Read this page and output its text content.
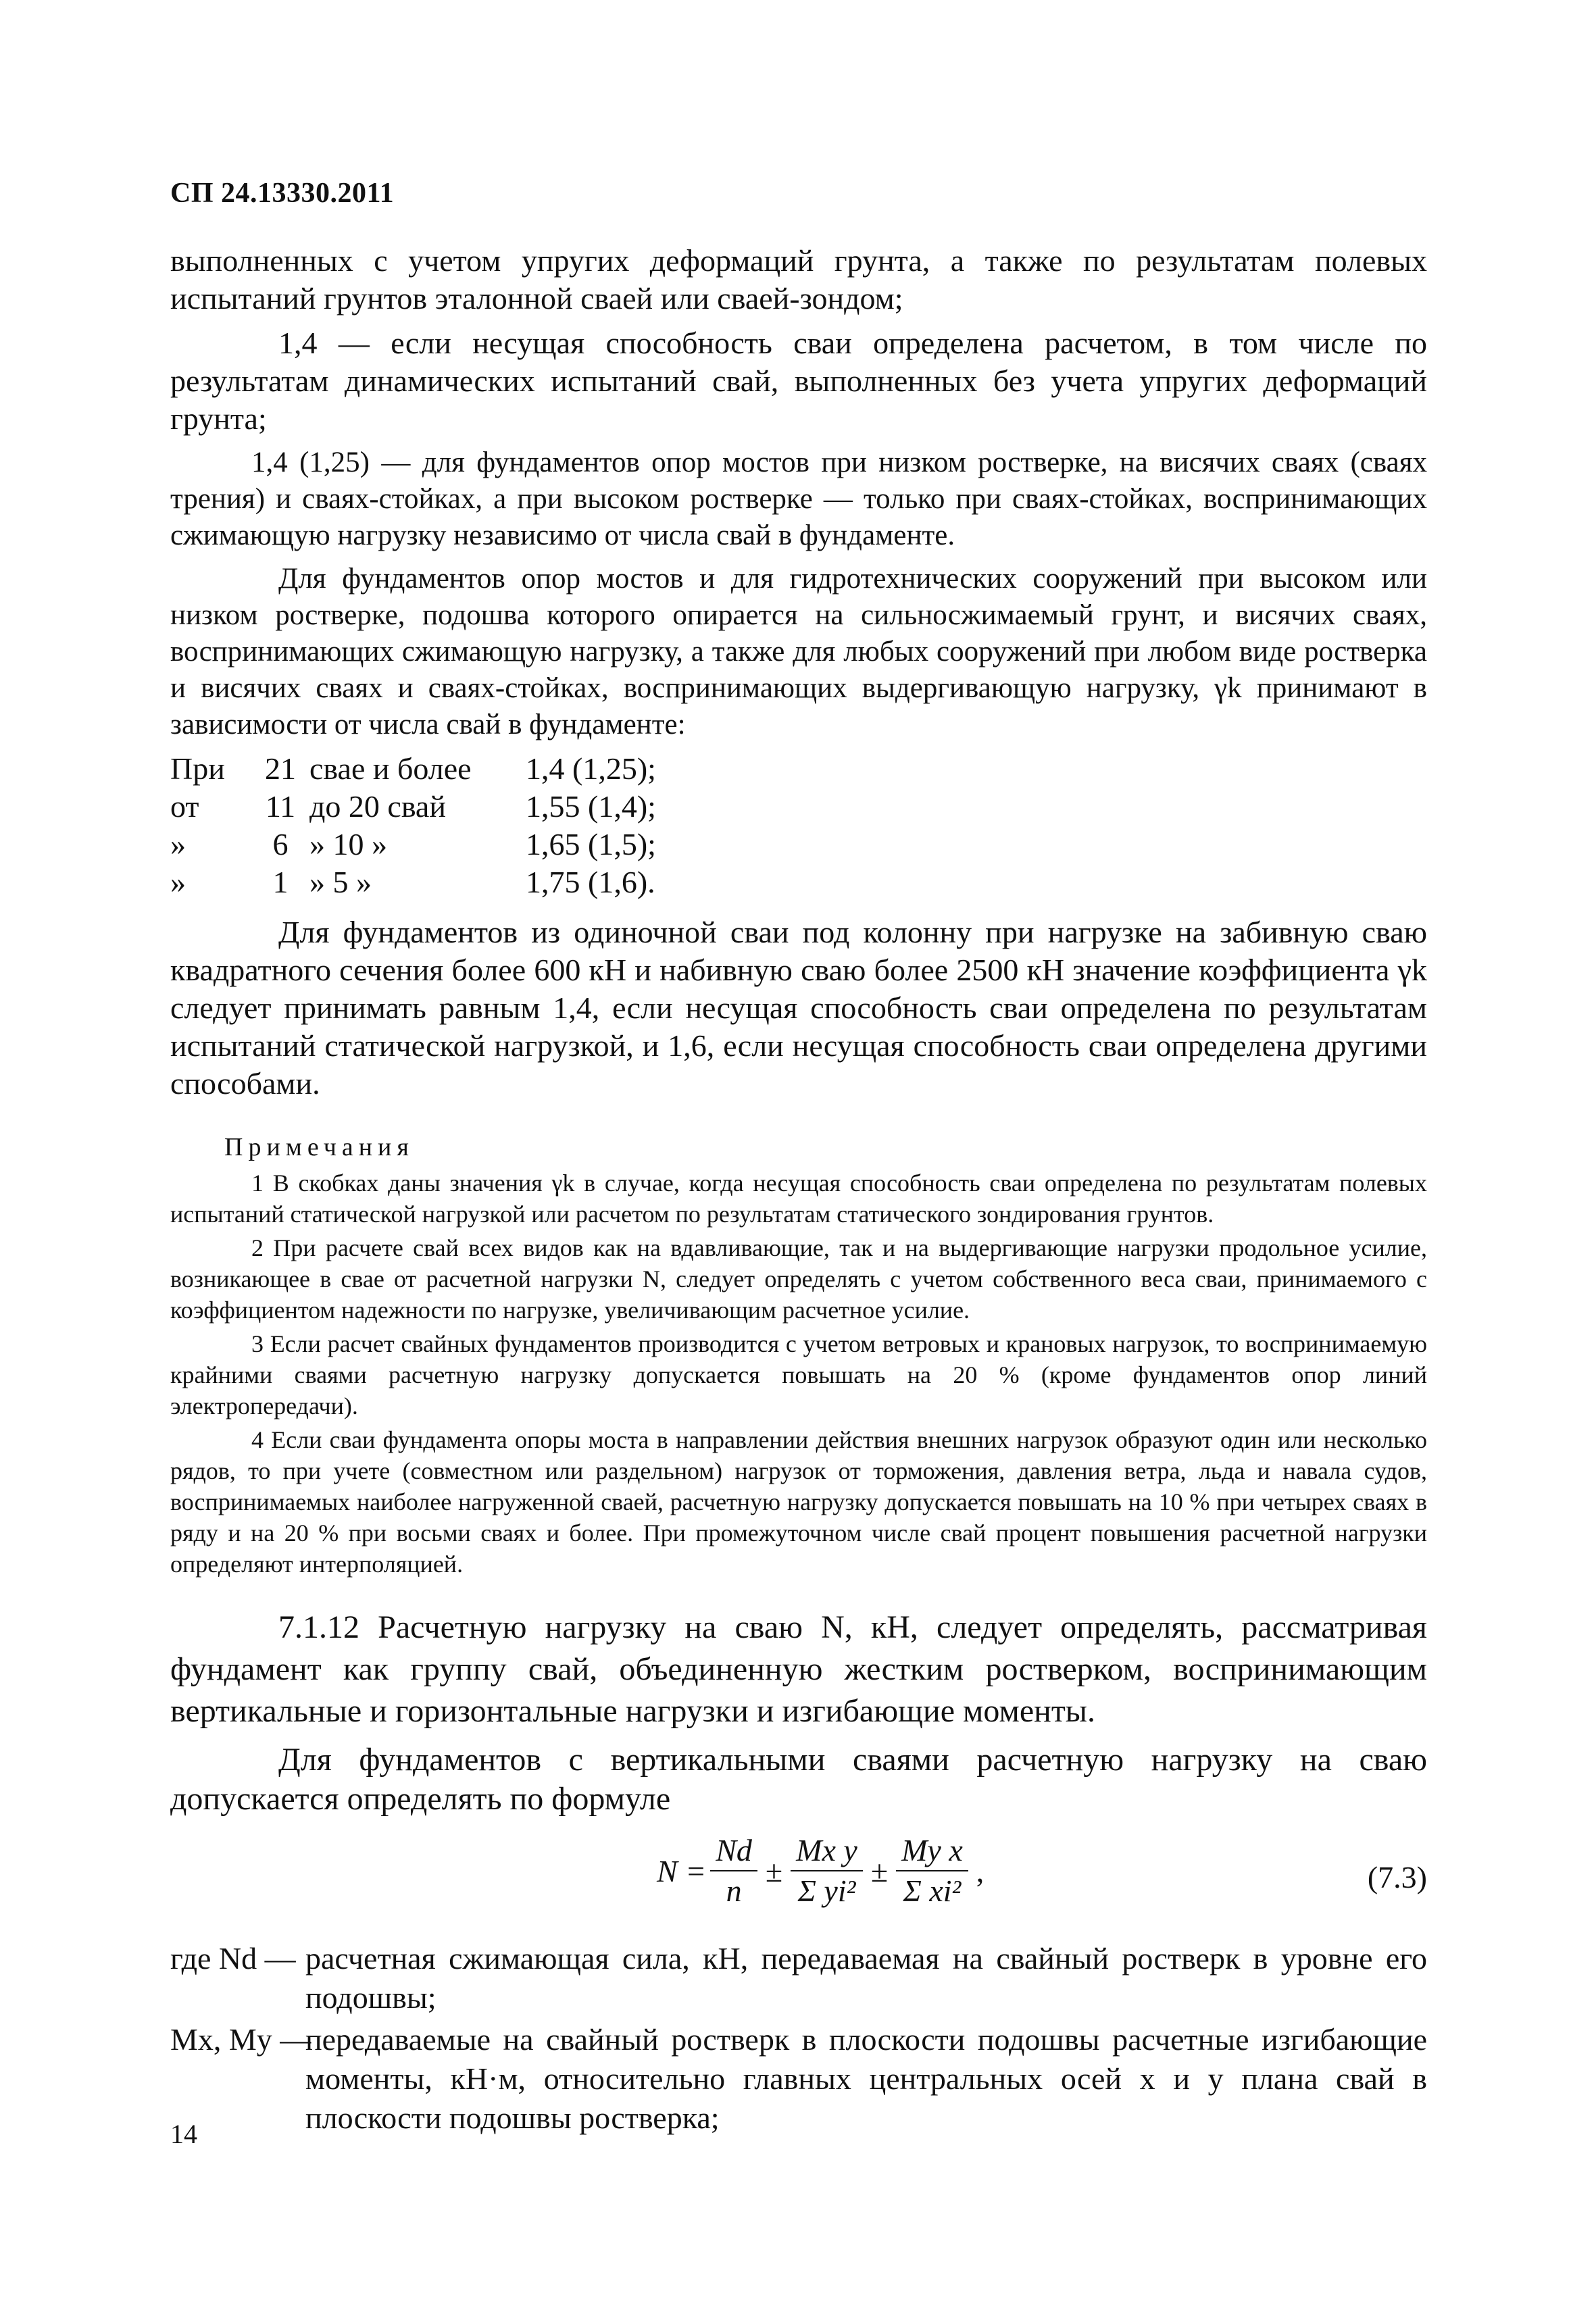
СП 24.13330.2011

выполненных с учетом упругих деформаций грунта, а также по результатам полевых испытаний грунтов эталонной сваей или сваей-зондом;

1,4 — если несущая способность сваи определена расчетом, в том числе по результатам динамических испытаний свай, выполненных без учета упругих деформаций грунта;

1,4 (1,25) — для фундаментов опор мостов при низком ростверке, на висячих сваях (сваях трения) и сваях-стойках, а при высоком ростверке — только при сваях-стойках, воспринимающих сжимающую нагрузку независимо от числа свай в фундаменте.

Для фундаментов опор мостов и для гидротехнических сооружений при высоком или низком ростверке, подошва которого опирается на сильносжимаемый грунт, и висячих сваях, воспринимающих сжимающую нагрузку, а также для любых сооружений при любом виде ростверка и висячих сваях и сваях-стойках, воспринимающих выдергивающую нагрузку, γk принимают в зависимости от числа свай в фундаменте:

При	21 сваe и более	1,4 (1,25);
от	11 до 20 свай	1,55 (1,4);
»	6 » 10 »	1,65 (1,5);
»	1 » 5 »	1,75 (1,6).

Для фундаментов из одиночной сваи под колонну при нагрузке на забивную сваю квадратного сечения более 600 кН и набивную сваю более 2500 кН значение коэффициента γk следует принимать равным 1,4, если несущая способность сваи определена по результатам испытаний статической нагрузкой, и 1,6, если несущая способность сваи определена другими способами.

Примечания

1 В скобках даны значения γk в случае, когда несущая способность сваи определена по результатам полевых испытаний статической нагрузкой или расчетом по результатам статического зондирования грунтов.

2 При расчете свай всех видов как на вдавливающие, так и на выдергивающие нагрузки продольное усилие, возникающее в свае от расчетной нагрузки N, следует определять с учетом собственного веса сваи, принимаемого с коэффициентом надежности по нагрузке, увеличивающим расчетное усилие.

3 Если расчет свайных фундаментов производится с учетом ветровых и крановых нагрузок, то воспринимаемую крайними сваями расчетную нагрузку допускается повышать на 20 % (кроме фундаментов опор линий электропередачи).

4 Если сваи фундамента опоры моста в направлении действия внешних нагрузок образуют один или несколько рядов, то при учете (совместном или раздельном) нагрузок от торможения, давления ветра, льда и навала судов, воспринимаемых наиболее нагруженной сваей, расчетную нагрузку допускается повышать на 10 % при четырех сваях в ряду и на 20 % при восьми сваях и более. При промежуточном числе свай процент повышения расчетной нагрузки определяют интерполяцией.

7.1.12 Расчетную нагрузку на сваю N, кН, следует определять, рассматривая фундамент как группу свай, объединенную жестким ростверком, воспринимающим вертикальные и горизонтальные нагрузки и изгибающие моменты.

Для фундаментов с вертикальными сваями расчетную нагрузку на сваю допускается определять по формуле

$N = \frac{Nd}{n} \pm \frac{\text{Mx y}}{\text{Σ yi²}} \pm \frac{\text{My x}}{\text{Σ xi²}}$ ,	(7.3)
где Nd — расчетная сжимающая сила, кН, передаваемая на свайный ростверк в уровне его подошвы;
Mx, My —
передаваемые на свайный ростверк в плоскости подошвы расчетные изгибающие моменты, кН·м, относительно главных центральных осей x и y плана свай в плоскости подошвы ростверка;
14
